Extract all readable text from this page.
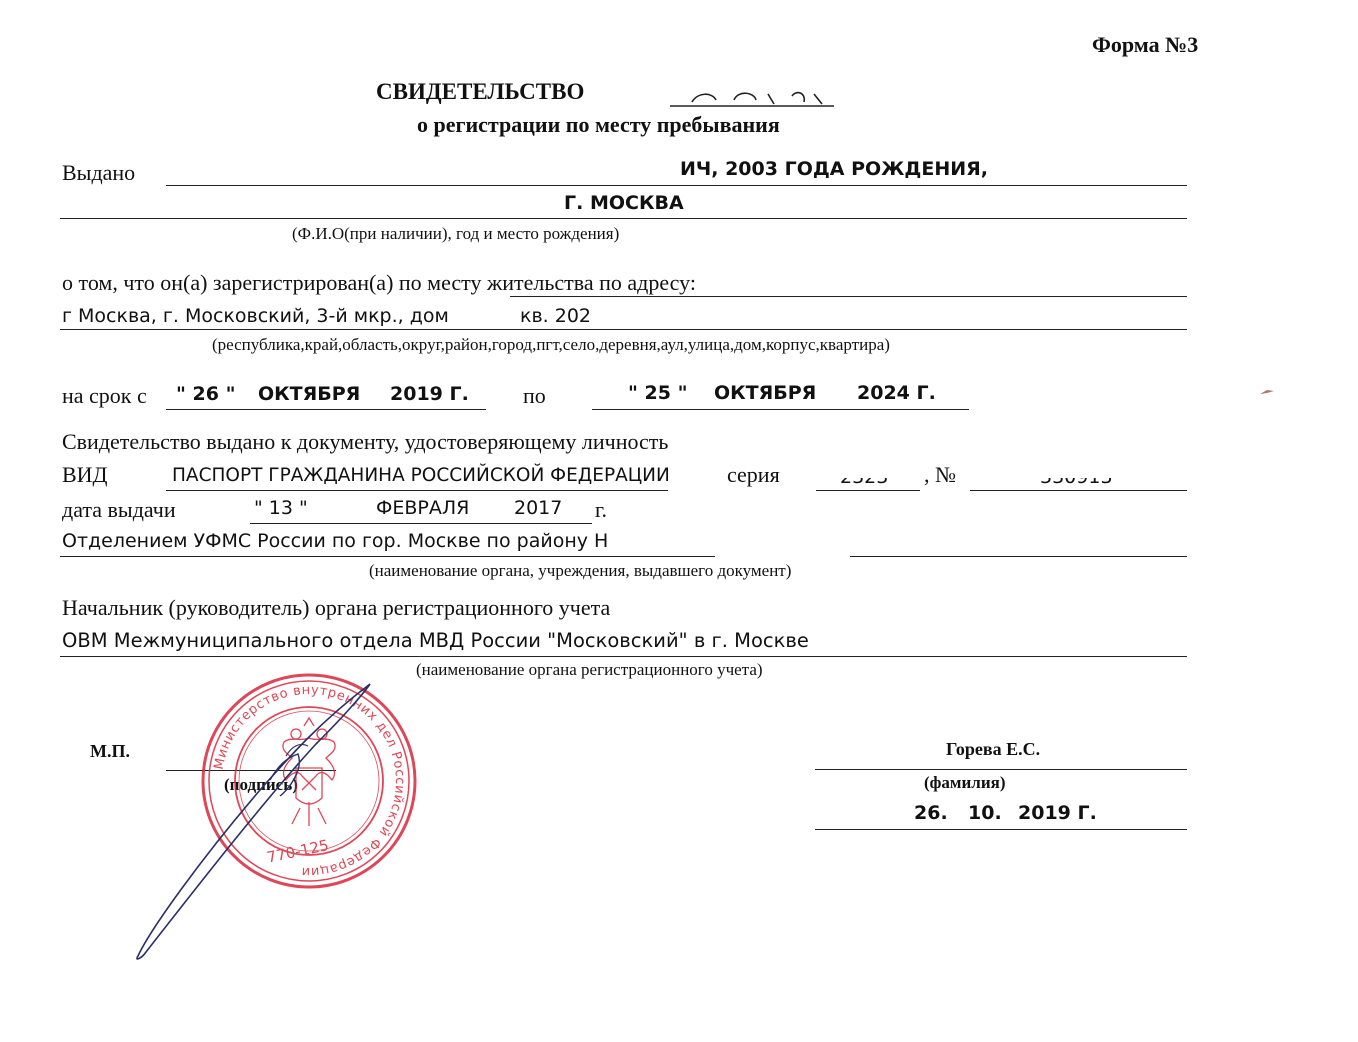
Форма №3
СВИДЕТЕЛЬСТВО
о регистрации по месту пребывания
Выдано	ИЧ, 2003 ГОДА РОЖДЕНИЯ,
Г. МОСКВА
(Ф.И.О(при наличии), год и место рождения)
о том, что он(а) зарегистрирован(а) по месту жительства по адресу:
г Москва, г. Московский, 3-й мкр., дом	кв. 202
(республика,край,область,округ,район,город,пгт,село,деревня,аул,улица,дом,корпус,квартира)
на срок с " 26 " ОКТЯБРЯ 2019 Г. по	" 25 " ОКТЯБРЯ 2024 Г.
Свидетельство выдано к документу, удостоверяющему личность
ВИД	ПАСПОРТ ГРАЖДАНИНА РОССИЙСКОЙ ФЕДЕРАЦИИ	серия	, №
дата выдачи	" 13 "	ФЕВРАЛЯ 2017 г.
Отделением УФМС России по гор. Москве по району Н
(наименование органа, учреждения, выдавшего документ)
Начальник (руководитель) органа регистрационного учета
ОВМ Межмуниципального отдела МВД России "Московский" в г. Москве
(наименование органа регистрационного учета)
М.П.
(подпись)
Горева Е.С.
(фамилия)
26. 10. 2019 Г.
Министерство внутренних дел Российской Федерации
770-125
